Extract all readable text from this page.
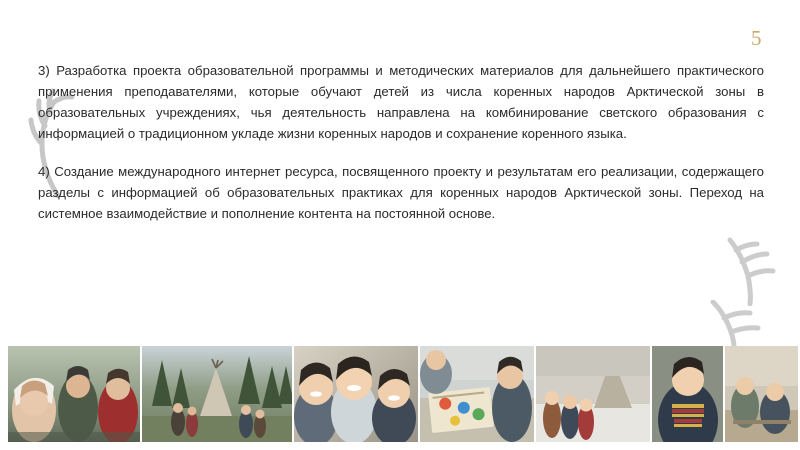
5

3) Разработка проекта образовательной программы и методических материалов для дальнейшего практического применения преподавателями, которые обучают детей из числа коренных народов Арктической зоны в образовательных учреждениях, чья деятельность направлена на комбинирование светского образования с информацией о традиционном укладе жизни коренных народов и сохранение коренного языка.

4) Создание международного интернет ресурса, посвященного проекту и результатам его реализации, содержащего разделы с информацией об образовательных практиках для коренных народов Арктической зоны. Переход на системное взаимодействие и пополнение контента на постоянной основе.
